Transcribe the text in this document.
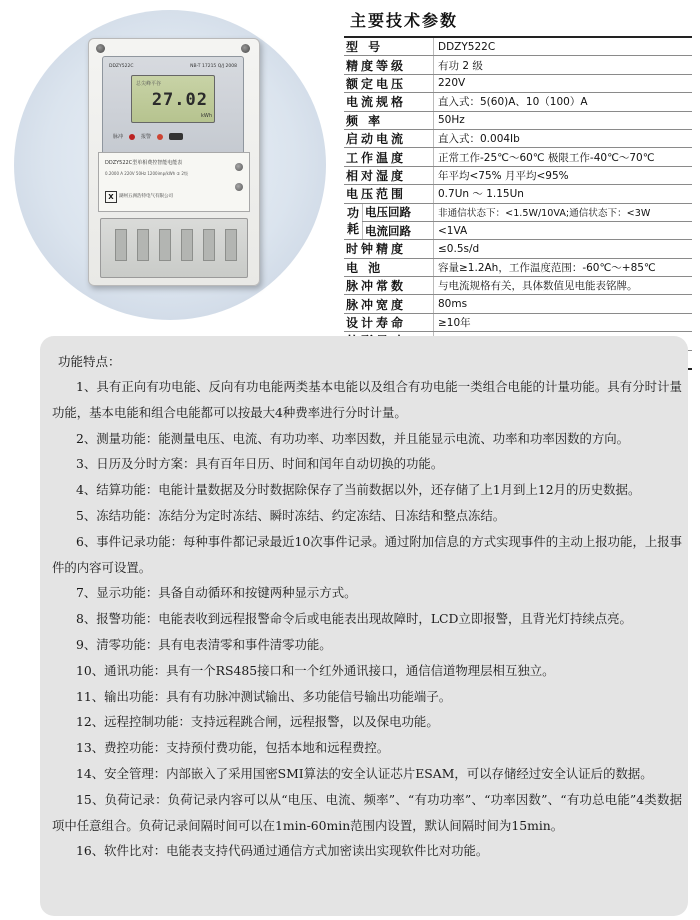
DDZY522C	NB-T 17215 Q/J 2008
总尖峰平谷
27.02
kWh
脉冲	报警
DDZY522C型单相费控智能电能表
0.2000 A 220V 50Hz 1200imp/kWh ② 2级
X	湖州五洲浩特电气有限公司
主要技术参数
型 号		DDZY522C
精度等级		有功 2 级
额定电压		220V
电流规格		直入式：5(60)A、10（100）A
频 率		50Hz
启动电流		直入式：0.004Ib
工作温度		正常工作-25℃～60℃ 极限工作-40℃～70℃
相对湿度		年平均<75% 月平均<95%
电压范围		0.7Un ～ 1.15Un
功
耗	电压回路	非通信状态下：<1.5W/10VA;通信状态下：<3W
	电流回路	<1VA
时钟精度		≤0.5s/d
电 池		容量≥1.2Ah，工作温度范围：-60℃～+85℃
脉冲常数		与电流规格有关，具体数值见电能表铭牌。
脉冲宽度		80ms
设计寿命		≥10年

功能特点：

1、具有正向有功电能、反向有功电能两类基本电能以及组合有功电能一类组合电能的计量功能。具有分时计量功能，基本电能和组合电能都可以按最大4种费率进行分时计量。

2、测量功能：能测量电压、电流、有功功率、功率因数，并且能显示电流、功率和功率因数的方向。

3、日历及分时方案：具有百年日历、时间和闰年自动切换的功能。

4、结算功能：电能计量数据及分时数据除保存了当前数据以外，还存储了上1月到上12月的历史数据。

5、冻结功能：冻结分为定时冻结、瞬时冻结、约定冻结、日冻结和整点冻结。

6、事件记录功能：每种事件都记录最近10次事件记录。通过附加信息的方式实现事件的主动上报功能，上报事件的内容可设置。

7、显示功能：具备自动循环和按键两种显示方式。

8、报警功能：电能表收到远程报警命令后或电能表出现故障时，LCD立即报警，且背光灯持续点亮。

9、清零功能：具有电表清零和事件清零功能。

10、通讯功能：具有一个RS485接口和一个红外通讯接口，通信信道物理层相互独立。

11、输出功能：具有有功脉冲测试输出、多功能信号输出功能端子。

12、远程控制功能：支持远程跳合闸，远程报警，以及保电功能。

13、费控功能：支持预付费功能，包括本地和远程费控。

14、安全管理：内部嵌入了采用国密SMI算法的安全认证芯片ESAM，可以存储经过安全认证后的数据。

15、负荷记录：负荷记录内容可以从“电压、电流、频率”、“有功功率”、“功率因数”、“有功总电能”4类数据项中任意组合。负荷记录间隔时间可以在1min-60min范围内设置，默认间隔时间为15min。

16、软件比对：电能表支持代码通过通信方式加密读出实现软件比对功能。
